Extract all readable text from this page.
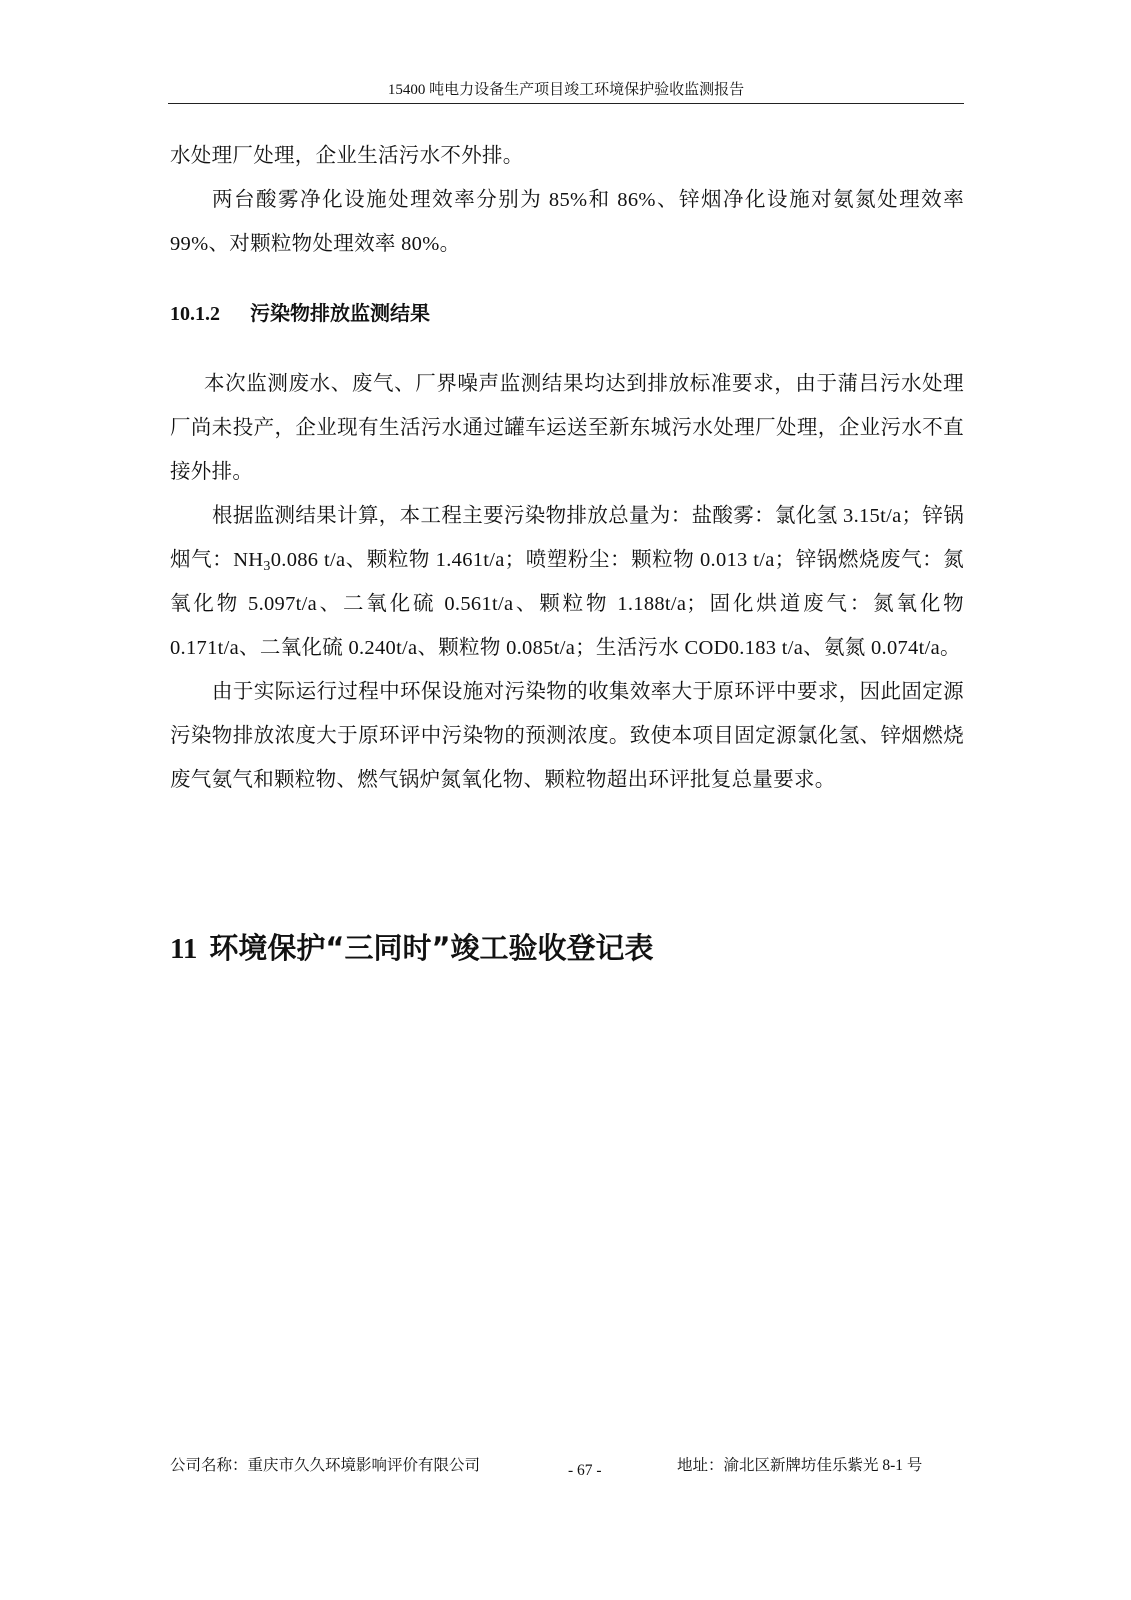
15400 吨电力设备生产项目竣工环境保护验收监测报告

水处理厂处理，企业生活污水不外排。

两台酸雾净化设施处理效率分别为 85%和 86%、锌烟净化设施对氨氮处理效率 99%、对颗粒物处理效率 80%。

10.1.2 污染物排放监测结果

本次监测废水、废气、厂界噪声监测结果均达到排放标准要求，由于蒲吕污水处理厂尚未投产，企业现有生活污水通过罐车运送至新东城污水处理厂处理，企业污水不直接外排。

根据监测结果计算，本工程主要污染物排放总量为：盐酸雾：氯化氢 3.15t/a；锌锅烟气：$NH_30.086$ t/a、颗粒物 1.461t/a；喷塑粉尘：颗粒物 0.013 t/a；锌锅燃烧废气：氮氧化物 5.097t/a、二氧化硫 0.561t/a、颗粒物 1.188t/a；固化烘道废气：氮氧化物 0.171t/a、二氧化硫 0.240t/a、颗粒物 0.085t/a；生活污水 COD0.183 t/a、氨氮 0.074t/a。

由于实际运行过程中环保设施对污染物的收集效率大于原环评中要求，因此固定源污染物排放浓度大于原环评中污染物的预测浓度。致使本项目固定源氯化氢、锌烟燃烧废气氨气和颗粒物、燃气锅炉氮氧化物、颗粒物超出环评批复总量要求。

11 环境保护“三同时”竣工验收登记表
公司名称：重庆市久久环境影响评价有限公司	- 67 -	地址：渝北区新牌坊佳乐紫光 8-1 号
